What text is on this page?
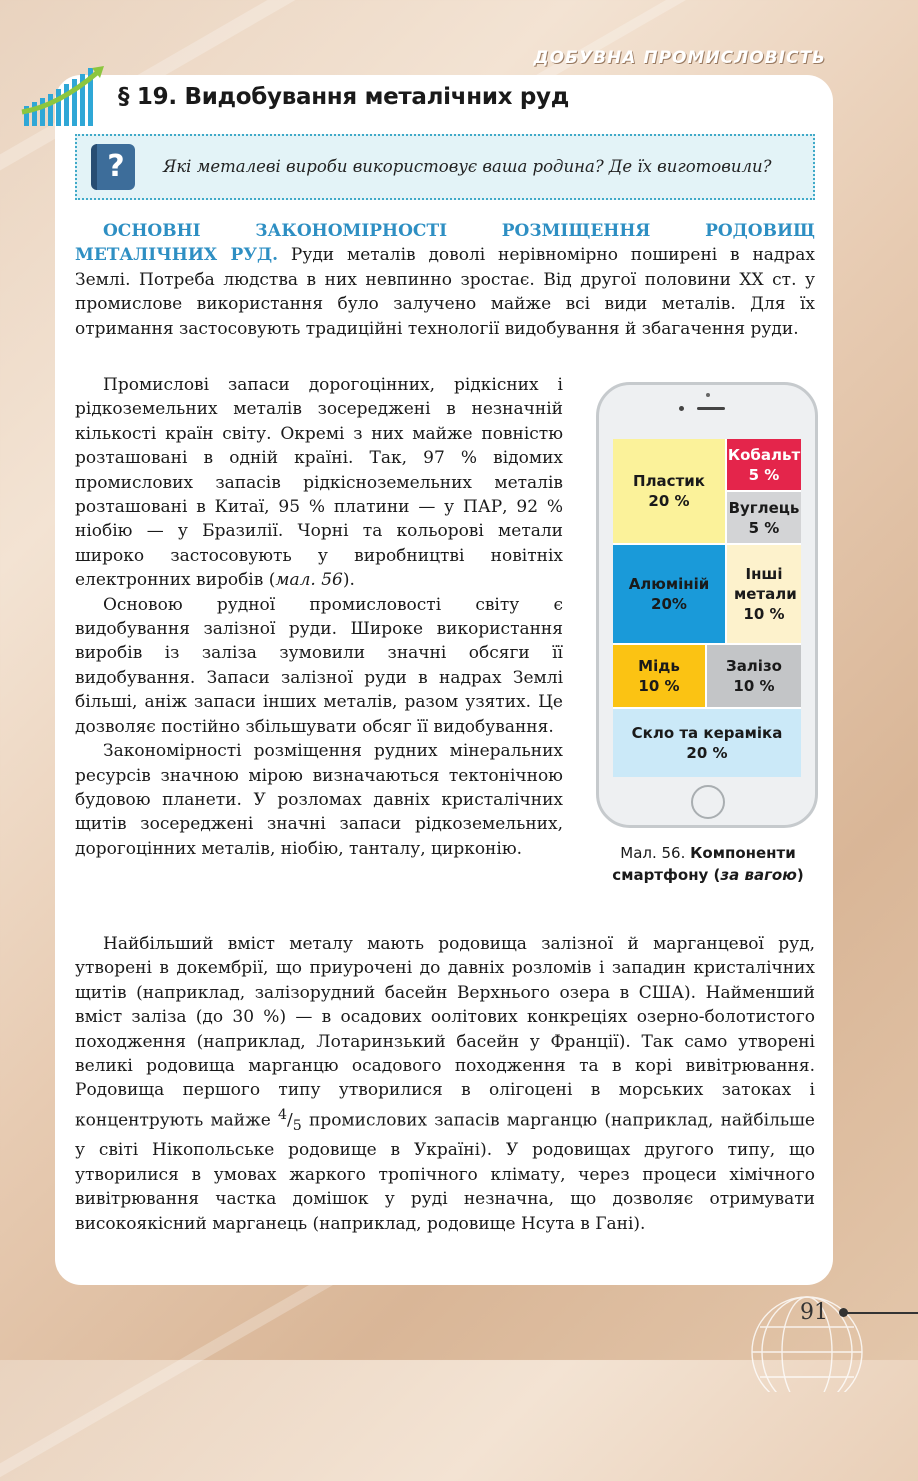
ДОБУВНА ПРОМИСЛОВІСТЬ
§ 19. Видобування металічних руд
?	Які металеві вироби використовує ваша родина? Де їх виготовили?

ОСНОВНІ ЗАКОНОМІРНОСТІ РОЗМІЩЕННЯ РОДОВИЩ МЕТАЛІЧНИХ РУД. Руди металів доволі нерівномірно поширені в надрах Землі. Потреба людства в них невпинно зростає. Від другої половини XX ст. у промислове використання було залучено майже всі види металів. Для їх отримання застосовують традиційні технології видобування й збагачення руди.

Промислові запаси дорогоцінних, рідкісних і рідкоземельних металів зосереджені в незначній кількості країн світу. Окремі з них майже повністю розташовані в одній країні. Так, 97 % відомих промислових запасів рідкісноземельних металів розташовані в Китаї, 95 % платини — у ПАР, 92 % ніобію — у Бразилії. Чорні та кольорові метали широко застосовують у виробництві новітніх електронних виробів (мал. 56).

Основою рудної промисловості світу є видобування залізної руди. Широке використання виробів із заліза зумовили значні обсяги її видобування. Запаси залізної руди в надрах Землі більші, аніж запаси інших металів, разом узятих. Це дозволяє постійно збільшувати обсяг її видобування.

Закономірності розміщення рудних мінеральних ресурсів значною мірою визначаються тектонічною будовою планети. У розломах давніх кристалічних щитів зосереджені значні запаси рідкоземельних, дорогоцінних металів, ніобію, танталу, цирконію.

Найбільший вміст металу мають родовища залізної й марганцевої руд, утворені в докембрії, що приурочені до давніх розломів і западин кристалічних щитів (наприклад, залізорудний басейн Верхнього озера в США). Найменший вміст заліза (до 30 %) — в осадових оолітових конкрецiях озерно-болотистого походження (наприклад, Лотаринзький басейн у Франції). Так само утворені великі родовища марганцю осадового походження та в корі вивітрювання. Родовища першого типу утворилися в олігоцені в морських затоках і концентрують майже $^4/_5$ промислових запасів марганцю (наприклад, найбільше у світі Нікопольське родовище в Україні). У родовищах другого типу, що утворилися в умовах жаркого тропічного клімату, через процеси хімічного вивітрювання частка домішок у руді незначна, що дозволяє отримувати високоякісний марганець (наприклад, родовище Нсута в Гані).

Пластик
20 %
Кобальт
5 %
Вуглець
5 %
Алюміній
20%
Інші метали
10 %
Мідь
10 %
Залізо
10 %
Скло та кераміка
20 %
Мал. 56. Компоненти смартфону (за вагою)
91
